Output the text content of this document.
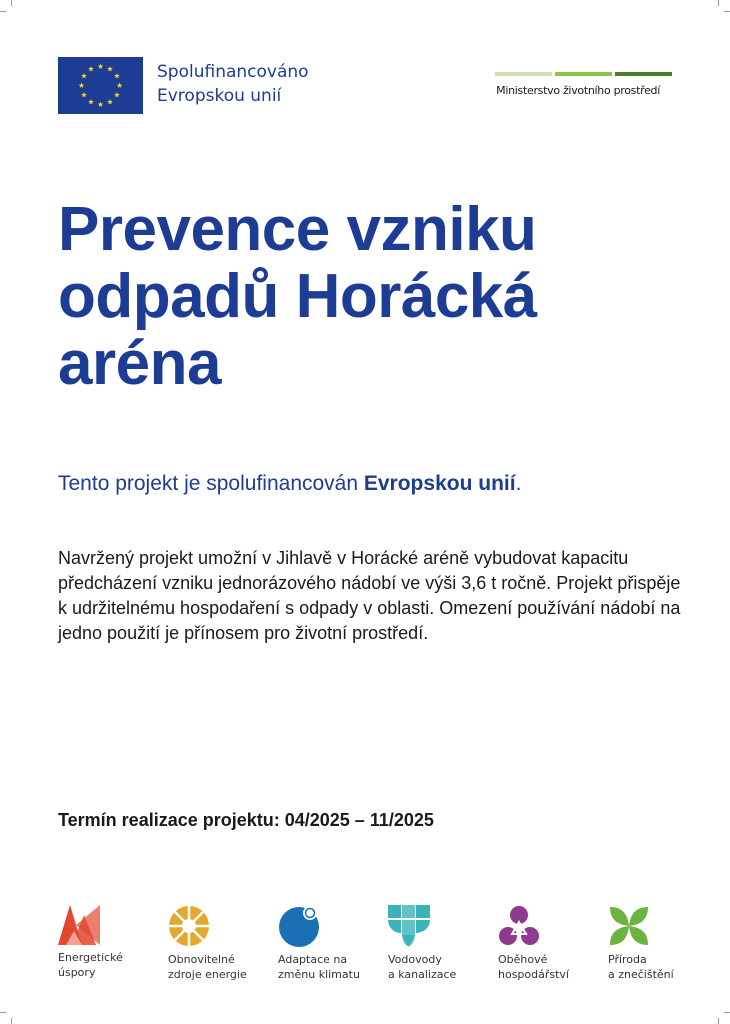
Spolufinancováno
Evropskou unií	Ministerstvo životního prostředí
Prevence vzniku odpadů Horácká aréna

Tento projekt je spolufinancován Evropskou unií.

Navržený projekt umožní v Jihlavě v Horácké aréně vybudovat kapacitu předcházení vzniku jednorázového nádobí ve výši 3,6 t ročně. Projekt přispěje k udržitelnému hospodaření s odpady v oblasti. Omezení používání nádobí na jedno použití je přínosem pro životní prostředí.

Termín realizace projektu: 04/2025 – 11/2025

Energetické
úspory
Obnovitelné
zdroje energie
Adaptace na
změnu klimatu
Vodovody
a kanalizace
Oběhové
hospodářství
Příroda
a znečištění
